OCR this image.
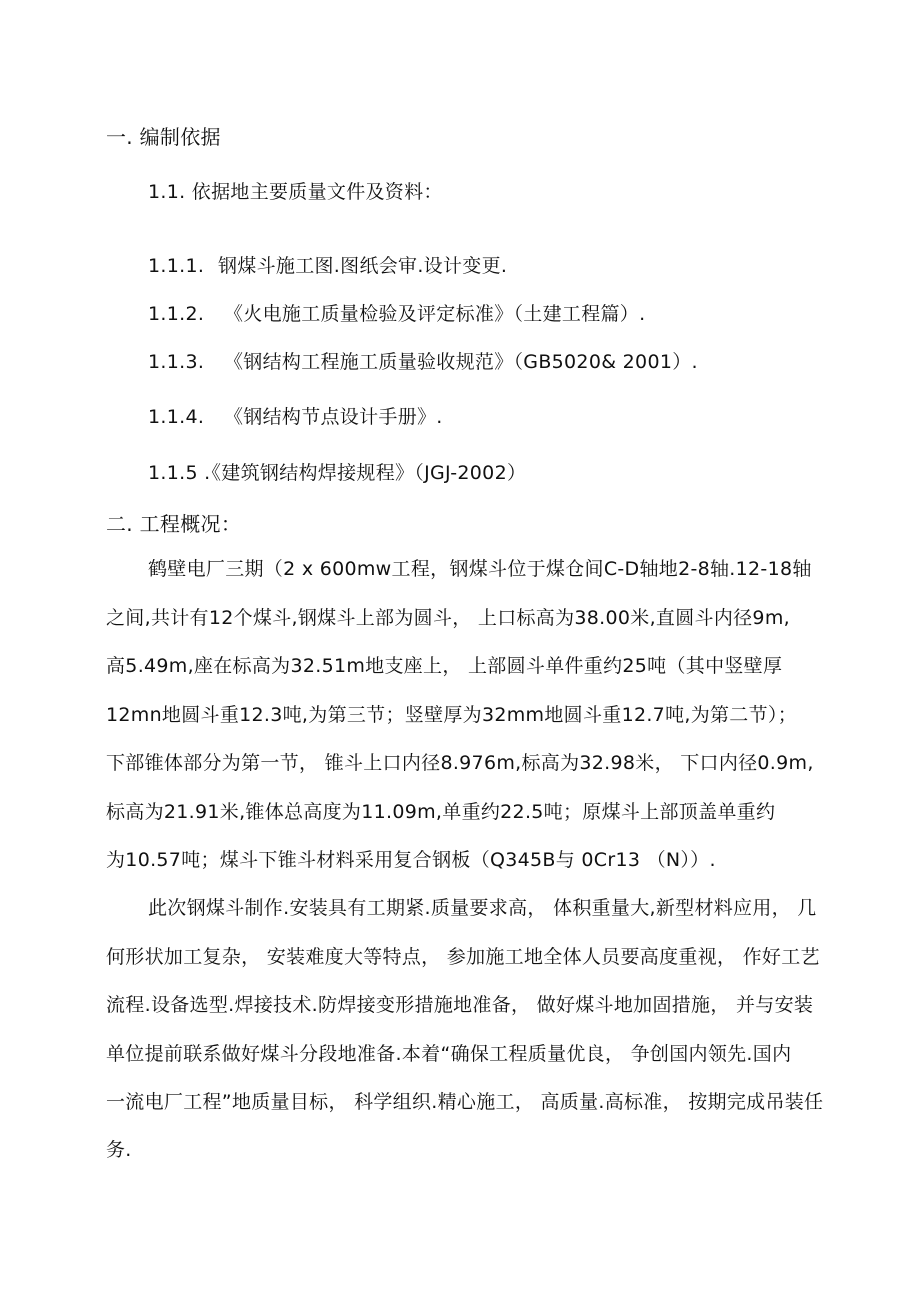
一. 编制依据
1.1. 依据地主要质量文件及资料：
1.1.1. 钢煤斗施工图.图纸会审.设计变更.
1.1.2. 《火电施工质量检验及评定标准》（土建工程篇）.
1.1.3. 《钢结构工程施工质量验收规范》（GB5020& 2001）.
1.1.4. 《钢结构节点设计手册》.
1.1.5 .《建筑钢结构焊接规程》（JGJ-2002）
二. 工程概况：
鹤壁电厂三期（2 x 600mw工程，钢煤斗位于煤仓间C-D轴地2-8轴.12-18轴
之间,共计有12个煤斗,钢煤斗上部为圆斗， 上口标高为38.00米,直圆斗内径9m,
高5.49m,座在标高为32.51m地支座上， 上部圆斗单件重约25吨（其中竖壁厚
12mn地圆斗重12.3吨,为第三节；竖壁厚为32mm地圆斗重12.7吨,为第二节）；
下部锥体部分为第一节， 锥斗上口内径8.976m,标高为32.98米， 下口内径0.9m,
标高为21.91米,锥体总高度为11.09m,单重约22.5吨；原煤斗上部顶盖单重约
为10.57吨；煤斗下锥斗材料采用复合钢板（Q345B与 0Cr13 （N））.
此次钢煤斗制作.安装具有工期紧.质量要求高， 体积重量大,新型材料应用， 几
何形状加工复杂， 安装难度大等特点， 参加施工地全体人员要高度重视， 作好工艺
流程.设备选型.焊接技术.防焊接变形措施地准备， 做好煤斗地加固措施， 并与安装
单位提前联系做好煤斗分段地准备.本着“确保工程质量优良， 争创国内领先.国内
一流电厂工程”地质量目标， 科学组织.精心施工， 高质量.高标准， 按期完成吊装任
务.
